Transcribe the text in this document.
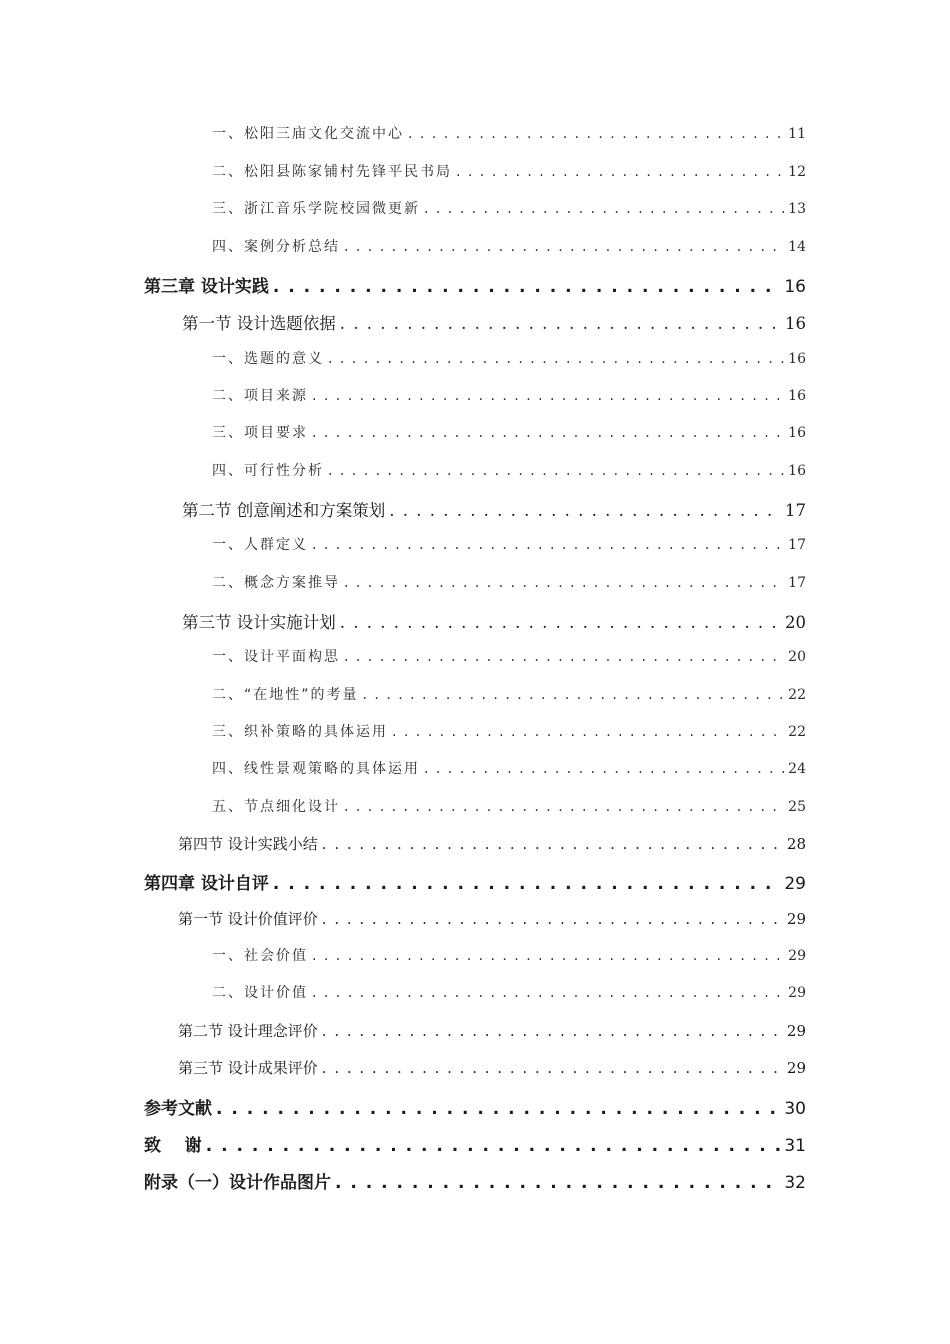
一、松阳三庙文化交流中心 . . .	11
二、松阳县陈家铺村先锋平民书局 . . .	12
三、浙江音乐学院校园微更新 . . .	13
四、案例分析总结 . . .	14
第三章 设计实践 . . .	16
第一节 设计选题依据 . . .	16
一、选题的意义 . . .	16
二、项目来源 . . .	16
三、项目要求 . . .	16
四、可行性分析 . . .	16
第二节 创意阐述和方案策划 . . .	17
一、人群定义 . . .	17
二、概念方案推导 . . .	17
第三节 设计实施计划 . . .	20
一、设计平面构思 . . .	20
二、“在地性”的考量 . . .	22
三、织补策略的具体运用 . . .	22
四、线性景观策略的具体运用 . . .	24
五、节点细化设计 . . .	25
第四节 设计实践小结 . . .	28
第四章 设计自评 . . .	29
第一节 设计价值评价 . . .	29
一、社会价值 . . .	29
二、设计价值 . . .	29
第二节 设计理念评价 . . .	29
第三节 设计成果评价 . . .	29
参考文献 . . .	30
致    谢 . . .	31
附录（一）设计作品图片 . . .	32
